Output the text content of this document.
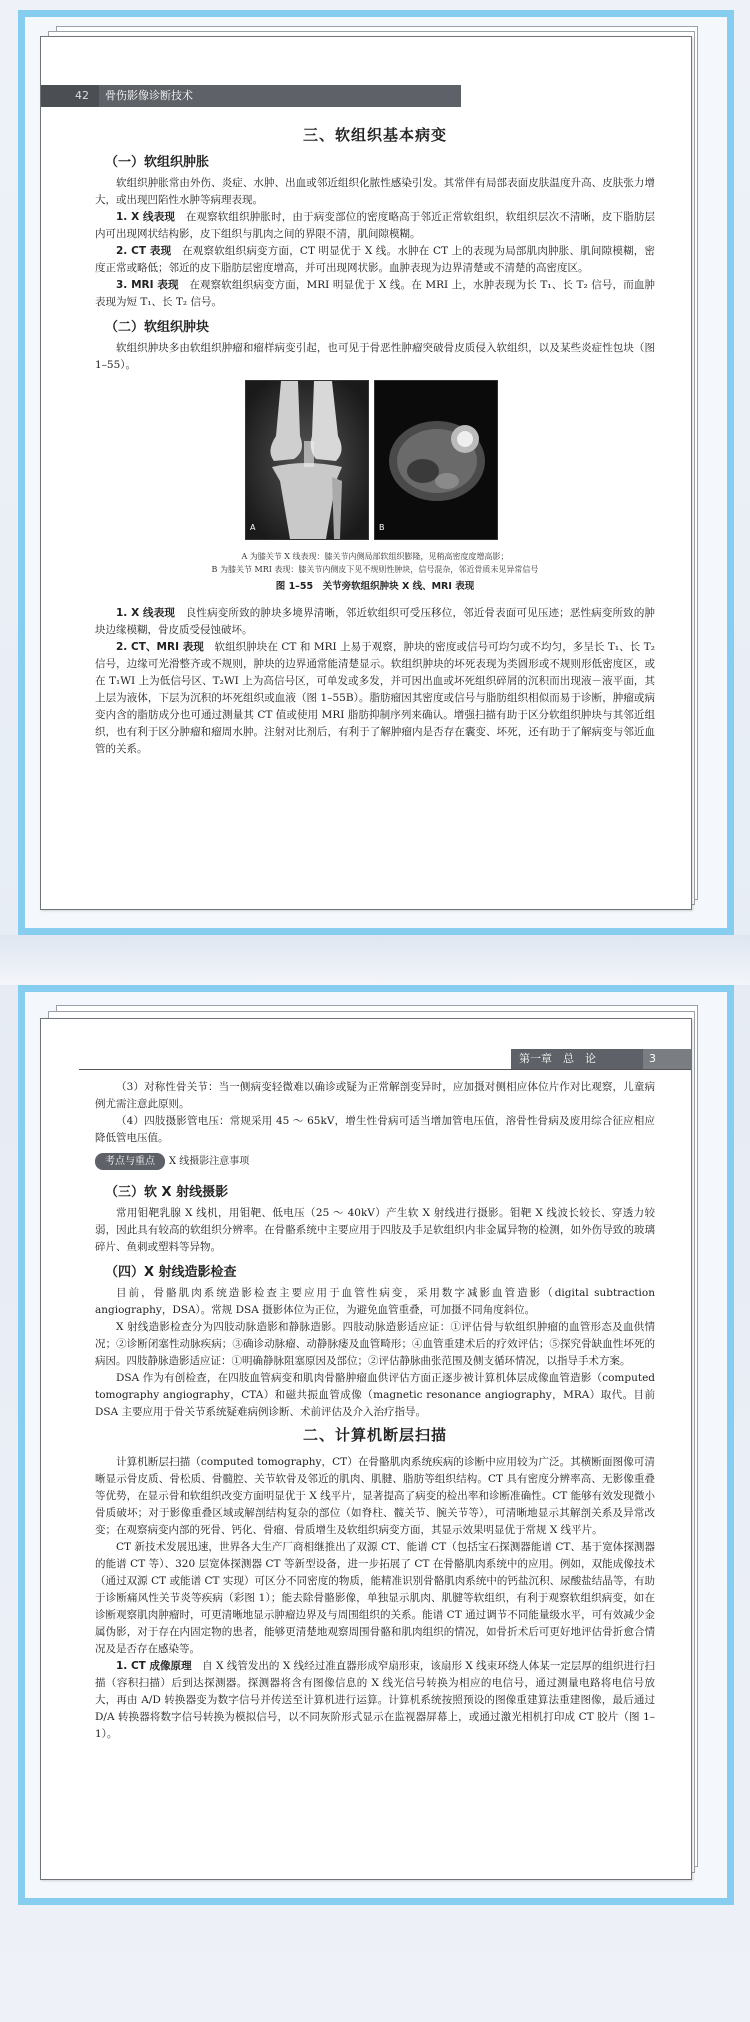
42 骨伤影像诊断技术
三、软组织基本病变
（一）软组织肿胀

软组织肿胀常由外伤、炎症、水肿、出血或邻近组织化脓性感染引发。其常伴有局部表面皮肤温度升高、皮肤张力增大，或出现凹陷性水肿等病理表现。

1. X 线表现　 在观察软组织肿胀时，由于病变部位的密度略高于邻近正常软组织，软组织层次不清晰，皮下脂肪层内可出现网状结构影，皮下组织与肌肉之间的界限不清，肌间隙模糊。

2. CT 表现　 在观察软组织病变方面，CT 明显优于 X 线。水肿在 CT 上的表现为局部肌肉肿胀、肌间隙模糊，密度正常或略低；邻近的皮下脂肪层密度增高，并可出现网状影。血肿表现为边界清楚或不清楚的高密度区。

3. MRI 表现　 在观察软组织病变方面，MRI 明显优于 X 线。在 MRI 上，水肿表现为长 T₁、长 T₂ 信号，而血肿表现为短 T₁、长 T₂ 信号。

（二）软组织肿块

软组织肿块多由软组织肿瘤和瘤样病变引起，也可见于骨恶性肿瘤突破骨皮质侵入软组织，以及某些炎症性包块（图 1–55）。

A	B
A 为膝关节 X 线表现：膝关节内侧局部软组织膨隆，见稍高密度度增高影；
B 为膝关节 MRI 表现：膝关节内侧皮下见不规则性肿块，信号混杂，邻近骨质未见异常信号
图 1–55　关节旁软组织肿块 X 线、MRI 表现

1. X 线表现　 良性病变所致的肿块多境界清晰，邻近软组织可受压移位，邻近骨表面可见压迹；恶性病变所致的肿块边缘模糊，骨皮质受侵蚀破坏。

2. CT、MRI 表现　 软组织肿块在 CT 和 MRI 上易于观察，肿块的密度或信号可均匀或不均匀，多呈长 T₁、长 T₂ 信号，边缘可光滑整齐或不规则，肿块的边界通常能清楚显示。软组织肿块的坏死表现为类圆形或不规则形低密度区，或在 T₁WI 上为低信号区、T₂WI 上为高信号区，可单发或多发，并可因出血或坏死组织碎屑的沉积而出现液－液平面，其上层为液体，下层为沉积的坏死组织或血液（图 1–55B）。脂肪瘤因其密度或信号与脂肪组织相似而易于诊断，肿瘤或病变内含的脂肪成分也可通过测量其 CT 值或使用 MRI 脂肪抑制序列来确认。增强扫描有助于区分软组织肿块与其邻近组织，也有利于区分肿瘤和瘤周水肿。注射对比剂后，有利于了解肿瘤内是否存在囊变、坏死，还有助于了解病变与邻近血管的关系。

第一章　总　论	3

（3）对称性骨关节：当一侧病变轻微难以确诊或疑为正常解剖变异时，应加摄对侧相应体位片作对比观察，儿童病例尤需注意此原则。

（4）四肢摄影管电压：常规采用 45 ～ 65kV，增生性骨病可适当增加管电压值，溶骨性骨病及废用综合征应相应降低管电压值。

考点与重点 X 线摄影注意事项
（三）软 X 射线摄影

常用钼靶乳腺 X 线机，用钼靶、低电压（25 ～ 40kV）产生软 X 射线进行摄影。钼靶 X 线波长较长、穿透力较弱，因此具有较高的软组织分辨率。在骨骼系统中主要应用于四肢及手足软组织内非金属异物的检测，如外伤导致的玻璃碎片、鱼刺或塑料等异物。

（四）X 射线造影检查

目前，骨骼肌肉系统造影检查主要应用于血管性病变，采用数字减影血管造影（digital subtraction angiography，DSA）。常规 DSA 摄影体位为正位，为避免血管重叠，可加摄不同角度斜位。

X 射线造影检查分为四肢动脉造影和静脉造影。四肢动脉造影适应证：①评估骨与软组织肿瘤的血管形态及血供情况；②诊断闭塞性动脉疾病；③确诊动脉瘤、动静脉瘘及血管畸形；④血管重建术后的疗效评估；⑤探究骨缺血性坏死的病因。四肢静脉造影适应证：①明确静脉阻塞原因及部位；②评估静脉曲张范围及侧支循环情况，以指导手术方案。

DSA 作为有创检查，在四肢血管病变和肌肉骨骼肿瘤血供评估方面正逐步被计算机体层成像血管造影（computed tomography angiography，CTA）和磁共振血管成像（magnetic resonance angiography，MRA）取代。目前 DSA 主要应用于骨关节系统疑难病例诊断、术前评估及介入治疗指导。

二、计算机断层扫描

计算机断层扫描（computed tomography，CT）在骨骼肌肉系统疾病的诊断中应用较为广泛。其横断面图像可清晰显示骨皮质、骨松质、骨髓腔、关节软骨及邻近的肌肉、肌腱、脂肪等组织结构。CT 具有密度分辨率高、无影像重叠等优势，在显示骨和软组织改变方面明显优于 X 线平片，显著提高了病变的检出率和诊断准确性。CT 能够有效发现微小骨质破坏；对于影像重叠区域或解剖结构复杂的部位（如脊柱、髋关节、腕关节等），可清晰地显示其解剖关系及异常改变；在观察病变内部的死骨、钙化、骨瘤、骨质增生及软组织病变方面，其显示效果明显优于常规 X 线平片。

CT 新技术发展迅速，世界各大生产厂商相继推出了双源 CT、能谱 CT（包括宝石探测器能谱 CT、基于宽体探测器的能谱 CT 等）、320 层宽体探测器 CT 等新型设备，进一步拓展了 CT 在骨骼肌肉系统中的应用。例如，双能成像技术（通过双源 CT 或能谱 CT 实现）可区分不同密度的物质，能精准识别骨骼肌肉系统中的钙盐沉积、尿酸盐结晶等，有助于诊断痛风性关节炎等疾病（彩图 1）；能去除骨骼影像，单独显示肌肉、肌腱等软组织，有利于观察软组织病变，如在诊断观察肌肉肿瘤时，可更清晰地显示肿瘤边界及与周围组织的关系。能谱 CT 通过调节不同能量级水平，可有效减少金属伪影，对于存在内固定物的患者，能够更清楚地观察周围骨骼和肌肉组织的情况，如骨折术后可更好地评估骨折愈合情况及是否存在感染等。

1. CT 成像原理　 自 X 线管发出的 X 线经过准直器形成窄扇形束，该扇形 X 线束环绕人体某一定层厚的组织进行扫描（容积扫描）后到达探测器。探测器将含有图像信息的 X 线光信号转换为相应的电信号，通过测量电路将电信号放大，再由 A/D 转换器变为数字信号并传送至计算机进行运算。计算机系统按照预设的图像重建算法重建图像，最后通过 D/A 转换器将数字信号转换为模拟信号，以不同灰阶形式显示在监视器屏幕上，或通过激光相机打印成 CT 胶片（图 1–1）。
